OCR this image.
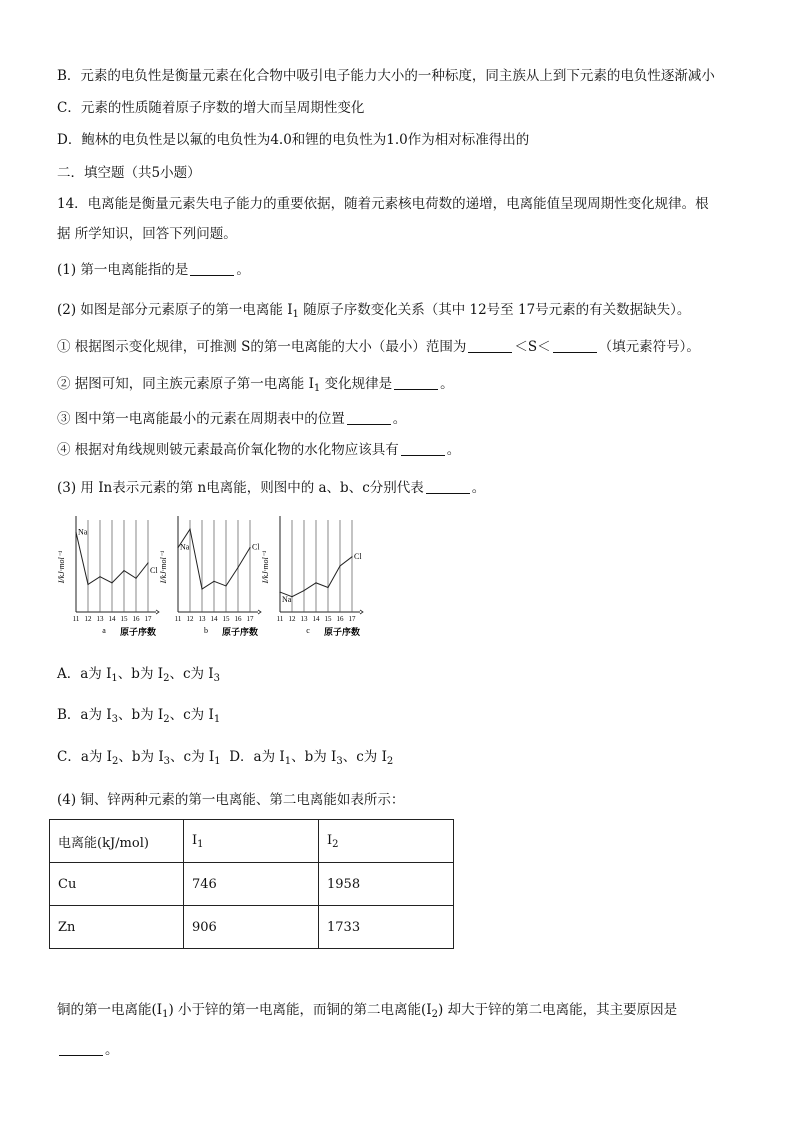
B．元素的电负性是衡量元素在化合物中吸引电子能力大小的一种标度，同主族从上到下元素的电负性逐渐减小
C．元素的性质随着原子序数的增大而呈周期性变化
D．鲍林的电负性是以氟的电负性为4.0和锂的电负性为1.0作为相对标准得出的
二．填空题（共5小题）
14．电离能是衡量元素失电子能力的重要依据，随着元素核电荷数的递增，电离能值呈现周期性变化规律。根
据 所学知识，回答下列问题。
(1) 第一电离能指的是	。
(2) 如图是部分元素原子的第一电离能 $I_1$ 随原子序数变化关系（其中 12号至 17号元素的有关数据缺失）。
① 根据图示变化规律，可推测 S的第一电离能的大小（最小）范围为	＜S＜	（填元素符号）。
② 据图可知，同主族元素原子第一电离能 $I_1$ 变化规律是	。
③ 图中第一电离能最小的元素在周期表中的位置	。
④ 根据对角线规则铍元素最高价氧化物的水化物应该具有	。
(3) 用 In表示元素的第 n电离能，则图中的 a、b、c分别代表	。
I/kJ·mol⁻¹
11 12 13 14 15 16 17
Na
Cl
a 原子序数
I/kJ·mol⁻¹
11 12 13 14 15 16 17
Na	Cl
b 原子序数
I/kJ·mol⁻¹
11 12 13 14 15 16 17
Na
Cl
c 原子序数
A．a为 $I_1$、b为 $I_2$、c为 $I_3$
B．a为 $I_3$、b为 $I_2$、c为 $I_1$
C．a为 $I_2$、b为 $I_3$、c为 $I_1$ D．a为 $I_1$、b为 $I_3$、c为 $I_2$
(4) 铜、锌两种元素的第一电离能、第二电离能如表所示：
电离能(kJ/mol)	$I_1$	$I_2$
Cu	746	1958
Zn	906	1733
铜的第一电离能$(I_1)$ 小于锌的第一电离能，而铜的第二电离能$(I_2)$ 却大于锌的第二电离能，其主要原因是
。
